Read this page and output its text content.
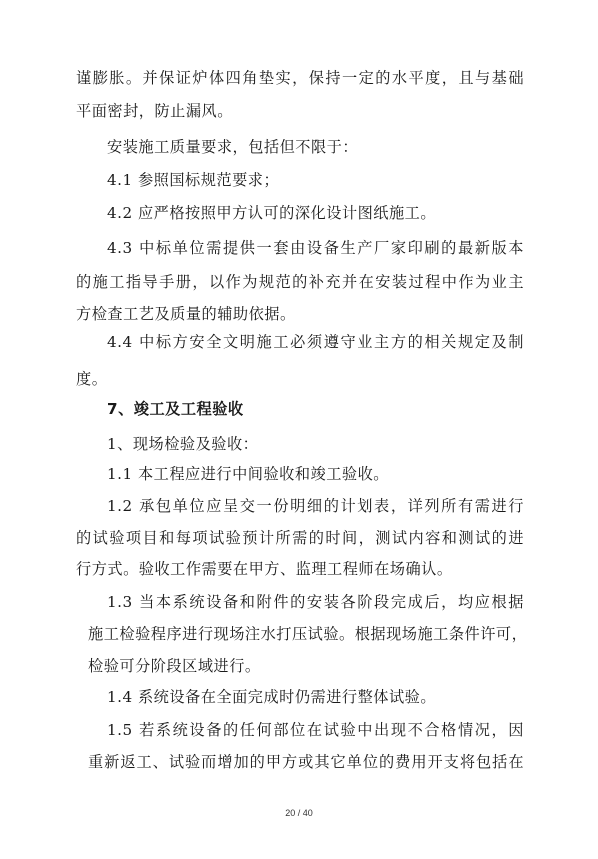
谨膨胀。并保证炉体四角垫实，保持一定的水平度，且与基础
平面密封，防止漏风。
安装施工质量要求，包括但不限于：
4.1 参照国标规范要求；
4.2 应严格按照甲方认可的深化设计图纸施工。
4.3 中标单位需提供一套由设备生产厂家印刷的最新版本
的施工指导手册，以作为规范的补充并在安装过程中作为业主
方检查工艺及质量的辅助依据。
4.4 中标方安全文明施工必须遵守业主方的相关规定及制
度。
7、竣工及工程验收
1、现场检验及验收：
1.1 本工程应进行中间验收和竣工验收。
1.2 承包单位应呈交一份明细的计划表，详列所有需进行
的试验项目和每项试验预计所需的时间，测试内容和测试的进
行方式。验收工作需要在甲方、监理工程师在场确认。
1.3 当本系统设备和附件的安装各阶段完成后，均应根据
施工检验程序进行现场注水打压试验。根据现场施工条件许可，
检验可分阶段区域进行。
1.4 系统设备在全面完成时仍需进行整体试验。
1.5 若系统设备的任何部位在试验中出现不合格情况，因
重新返工、试验而增加的甲方或其它单位的费用开支将包括在
20 / 40
